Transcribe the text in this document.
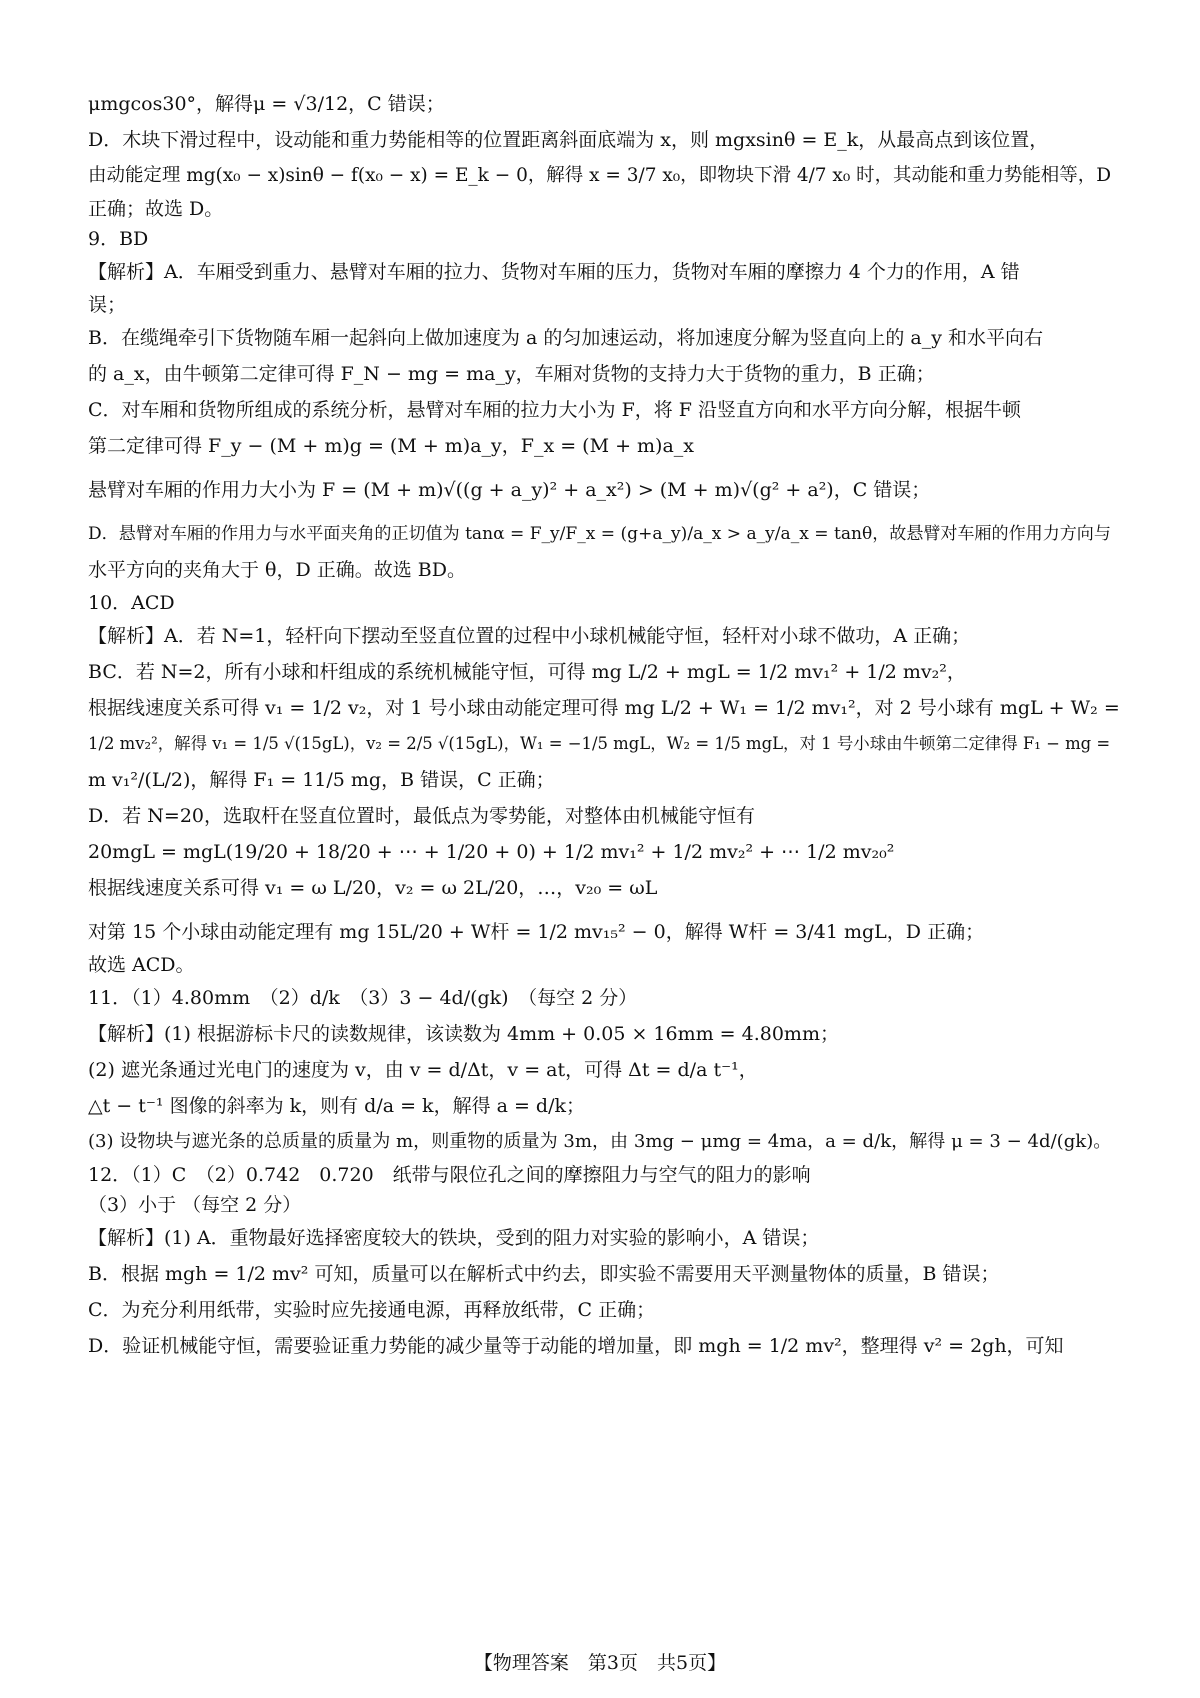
μmgcos30°，解得μ = √3/12，C 错误；
D．木块下滑过程中，设动能和重力势能相等的位置距离斜面底端为 x，则 mgxsinθ = E_k，从最高点到该位置，
由动能定理 mg(x₀ − x)sinθ − f(x₀ − x) = E_k − 0，解得 x = 3/7 x₀，即物块下滑 4/7 x₀ 时，其动能和重力势能相等，D
正确；故选 D。
9．BD
【解析】A．车厢受到重力、悬臂对车厢的拉力、货物对车厢的压力，货物对车厢的摩擦力 4 个力的作用，A 错
误；
B．在缆绳牵引下货物随车厢一起斜向上做加速度为 a 的匀加速运动，将加速度分解为竖直向上的 a_y 和水平向右
的 a_x，由牛顿第二定律可得 F_N − mg = ma_y，车厢对货物的支持力大于货物的重力，B 正确；
C．对车厢和货物所组成的系统分析，悬臂对车厢的拉力大小为 F，将 F 沿竖直方向和水平方向分解，根据牛顿
第二定律可得 F_y − (M + m)g = (M + m)a_y，F_x = (M + m)a_x
悬臂对车厢的作用力大小为 F = (M + m)√((g + a_y)² + a_x²) > (M + m)√(g² + a²)，C 错误；
D．悬臂对车厢的作用力与水平面夹角的正切值为 tanα = F_y/F_x = (g+a_y)/a_x > a_y/a_x = tanθ，故悬臂对车厢的作用力方向与
水平方向的夹角大于 θ，D 正确。故选 BD。
10．ACD
【解析】A．若 N=1，轻杆向下摆动至竖直位置的过程中小球机械能守恒，轻杆对小球不做功，A 正确；
BC．若 N=2，所有小球和杆组成的系统机械能守恒，可得 mg L/2 + mgL = 1/2 mv₁² + 1/2 mv₂²，
根据线速度关系可得 v₁ = 1/2 v₂，对 1 号小球由动能定理可得 mg L/2 + W₁ = 1/2 mv₁²，对 2 号小球有 mgL + W₂ =
1/2 mv₂²，解得 v₁ = 1/5 √(15gL)，v₂ = 2/5 √(15gL)，W₁ = −1/5 mgL，W₂ = 1/5 mgL，对 1 号小球由牛顿第二定律得 F₁ − mg =
m v₁²/(L/2)，解得 F₁ = 11/5 mg，B 错误，C 正确；
D．若 N=20，选取杆在竖直位置时，最低点为零势能，对整体由机械能守恒有
20mgL = mgL(19/20 + 18/20 + ⋯ + 1/20 + 0) + 1/2 mv₁² + 1/2 mv₂² + ⋯ 1/2 mv₂₀²
根据线速度关系可得 v₁ = ω L/20，v₂ = ω 2L/20，…，v₂₀ = ωL
对第 15 个小球由动能定理有 mg 15L/20 + W杆 = 1/2 mv₁₅² − 0，解得 W杆 = 3/41 mgL，D 正确；
故选 ACD。
11．（1）4.80mm　（2）d/k　（3）3 − 4d/(gk)　（每空 2 分）
【解析】(1) 根据游标卡尺的读数规律，该读数为 4mm + 0.05 × 16mm = 4.80mm；
(2) 遮光条通过光电门的速度为 v，由 v = d/Δt，v = at，可得 Δt = d/a t⁻¹，
△t − t⁻¹ 图像的斜率为 k，则有 d/a = k，解得 a = d/k；
(3) 设物块与遮光条的总质量的质量为 m，则重物的质量为 3m，由 3mg − μmg = 4ma，a = d/k，解得 μ = 3 − 4d/(gk)。
12．（1）C　（2）0.742　0.720　纸带与限位孔之间的摩擦阻力与空气的阻力的影响
（3）小于 （每空 2 分）
【解析】(1) A．重物最好选择密度较大的铁块，受到的阻力对实验的影响小，A 错误；
B．根据 mgh = 1/2 mv² 可知，质量可以在解析式中约去，即实验不需要用天平测量物体的质量，B 错误；
C．为充分利用纸带，实验时应先接通电源，再释放纸带，C 正确；
D．验证机械能守恒，需要验证重力势能的减少量等于动能的增加量，即 mgh = 1/2 mv²，整理得 v² = 2gh，可知
【物理答案　第3页　共5页】
